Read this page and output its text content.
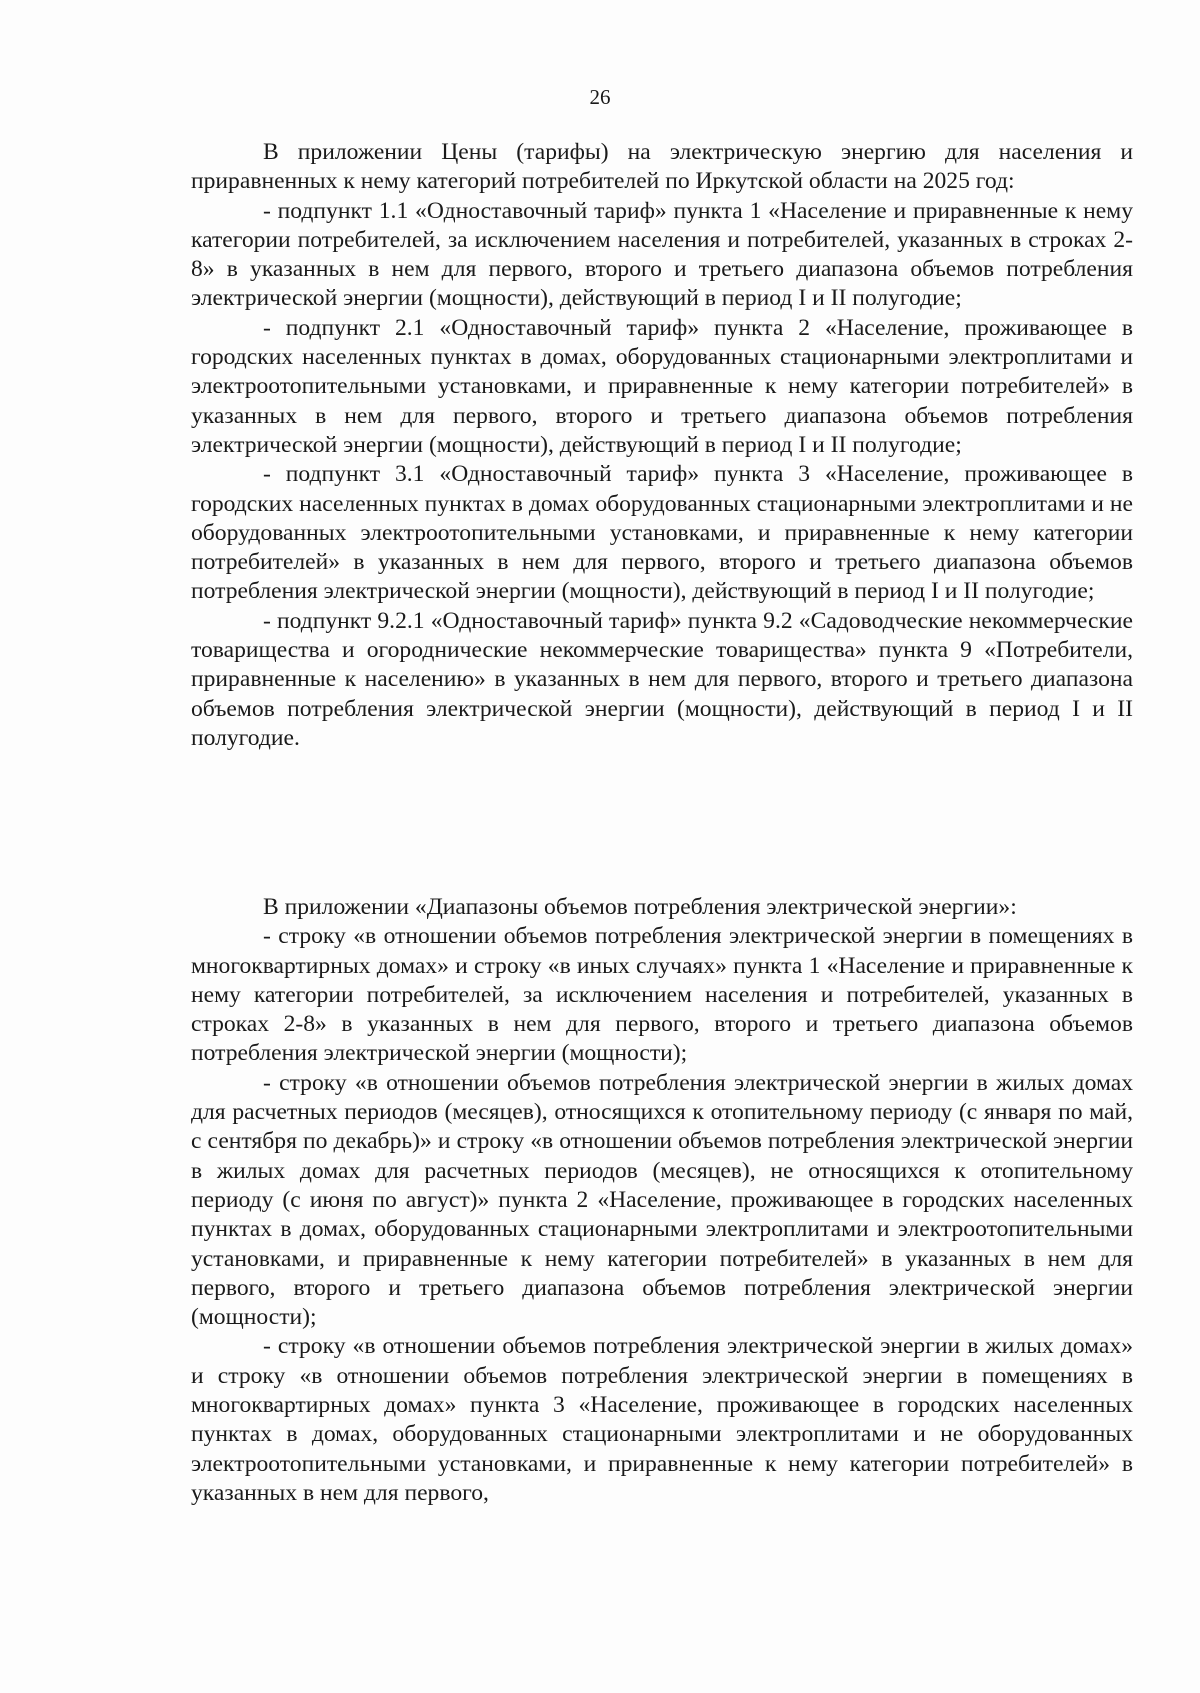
26

В приложении Цены (тарифы) на электрическую энергию для населения и приравненных к нему категорий потребителей по Иркутской области на 2025 год:

- подпункт 1.1 «Одноставочный тариф» пункта 1 «Население и приравненные к нему категории потребителей, за исключением населения и потребителей, указанных в строках 2-8» в указанных в нем для первого, второго и третьего диапазона объемов потребления электрической энергии (мощности), действующий в период I и II полугодие;

- подпункт 2.1 «Одноставочный тариф» пункта 2 «Население, проживающее в городских населенных пунктах в домах, оборудованных стационарными электроплитами и электроотопительными установками, и приравненные к нему категории потребителей» в указанных в нем для первого, второго и третьего диапазона объемов потребления электрической энергии (мощности), действующий в период I и II полугодие;

- подпункт 3.1 «Одноставочный тариф» пункта 3 «Население, проживающее в городских населенных пунктах в домах оборудованных стационарными электроплитами и не оборудованных электроотопительными установками, и приравненные к нему категории потребителей» в указанных в нем для первого, второго и третьего диапазона объемов потребления электрической энергии (мощности), действующий в период I и II полугодие;

- подпункт 9.2.1 «Одноставочный тариф» пункта 9.2 «Садоводческие некоммерческие товарищества и огороднические некоммерческие товарищества» пункта 9 «Потребители, приравненные к населению» в указанных в нем для первого, второго и третьего диапазона объемов потребления электрической энергии (мощности), действующий в период I и II полугодие.

В приложении «Диапазоны объемов потребления электрической энергии»:

- строку «в отношении объемов потребления электрической энергии в помещениях в многоквартирных домах» и строку «в иных случаях» пункта 1 «Население и приравненные к нему категории потребителей, за исключением населения и потребителей, указанных в строках 2-8» в указанных в нем для первого, второго и третьего диапазона объемов потребления электрической энергии (мощности);

- строку «в отношении объемов потребления электрической энергии в жилых домах для расчетных периодов (месяцев), относящихся к отопительному периоду (с января по май, с сентября по декабрь)» и строку «в отношении объемов потребления электрической энергии в жилых домах для расчетных периодов (месяцев), не относящихся к отопительному периоду (с июня по август)» пункта 2 «Население, проживающее в городских населенных пунктах в домах, оборудованных стационарными электроплитами и электроотопительными установками, и приравненные к нему категории потребителей» в указанных в нем для первого, второго и третьего диапазона объемов потребления электрической энергии (мощности);

- строку «в отношении объемов потребления электрической энергии в жилых домах» и строку «в отношении объемов потребления электрической энергии в помещениях в многоквартирных домах» пункта 3 «Население, проживающее в городских населенных пунктах в домах, оборудованных стационарными электроплитами и не оборудованных электроотопительными установками, и приравненные к нему категории потребителей» в указанных в нем для первого,
